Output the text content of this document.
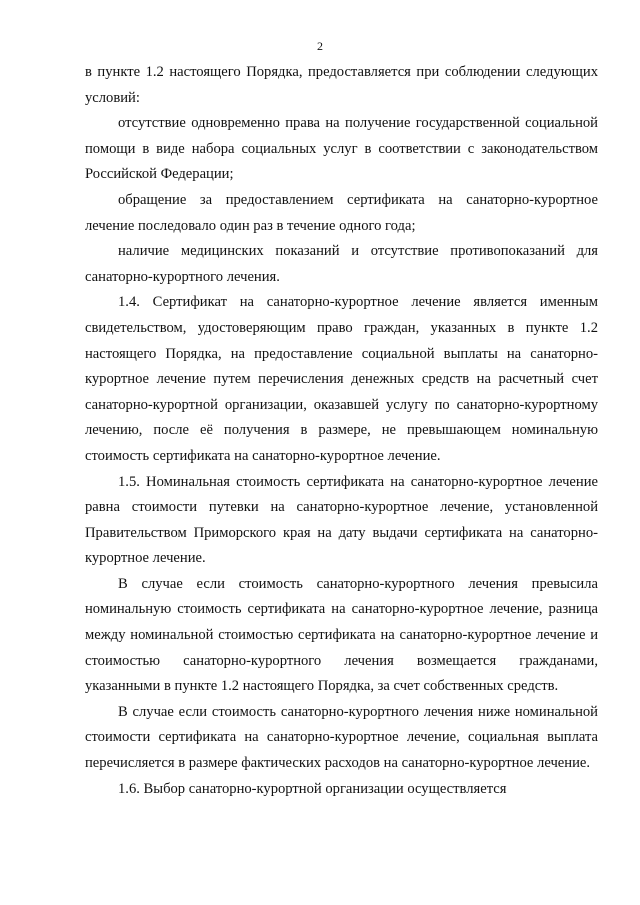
2

в пункте 1.2 настоящего Порядка, предоставляется при соблюдении следующих условий:

отсутствие одновременно права на получение государственной социальной помощи в виде набора социальных услуг в соответствии с законодательством Российской Федерации;

обращение за предоставлением сертификата на санаторно-курортное лечение последовало один раз в течение одного года;

наличие медицинских показаний и отсутствие противопоказаний для санаторно-курортного лечения.

1.4. Сертификат на санаторно-курортное лечение является именным свидетельством, удостоверяющим право граждан, указанных в пункте 1.2 настоящего Порядка, на предоставление социальной выплаты на санаторно-курортное лечение путем перечисления денежных средств на расчетный счет санаторно-курортной организации, оказавшей услугу по санаторно-курортному лечению, после её получения в размере, не превышающем номинальную стоимость сертификата на санаторно-курортное лечение.

1.5. Номинальная стоимость сертификата на санаторно-курортное лечение равна стоимости путевки на санаторно-курортное лечение, установленной Правительством Приморского края на дату выдачи сертификата на санаторно-курортное лечение.

В случае если стоимость санаторно-курортного лечения превысила номинальную стоимость сертификата на санаторно-курортное лечение, разница между номинальной стоимостью сертификата на санаторно-курортное лечение и стоимостью санаторно-курортного лечения возмещается гражданами, указанными в пункте 1.2 настоящего Порядка, за счет собственных средств.

В случае если стоимость санаторно-курортного лечения ниже номинальной стоимости сертификата на санаторно-курортное лечение, социальная выплата перечисляется в размере фактических расходов на санаторно-курортное лечение.

1.6. Выбор санаторно-курортной организации осуществляется
